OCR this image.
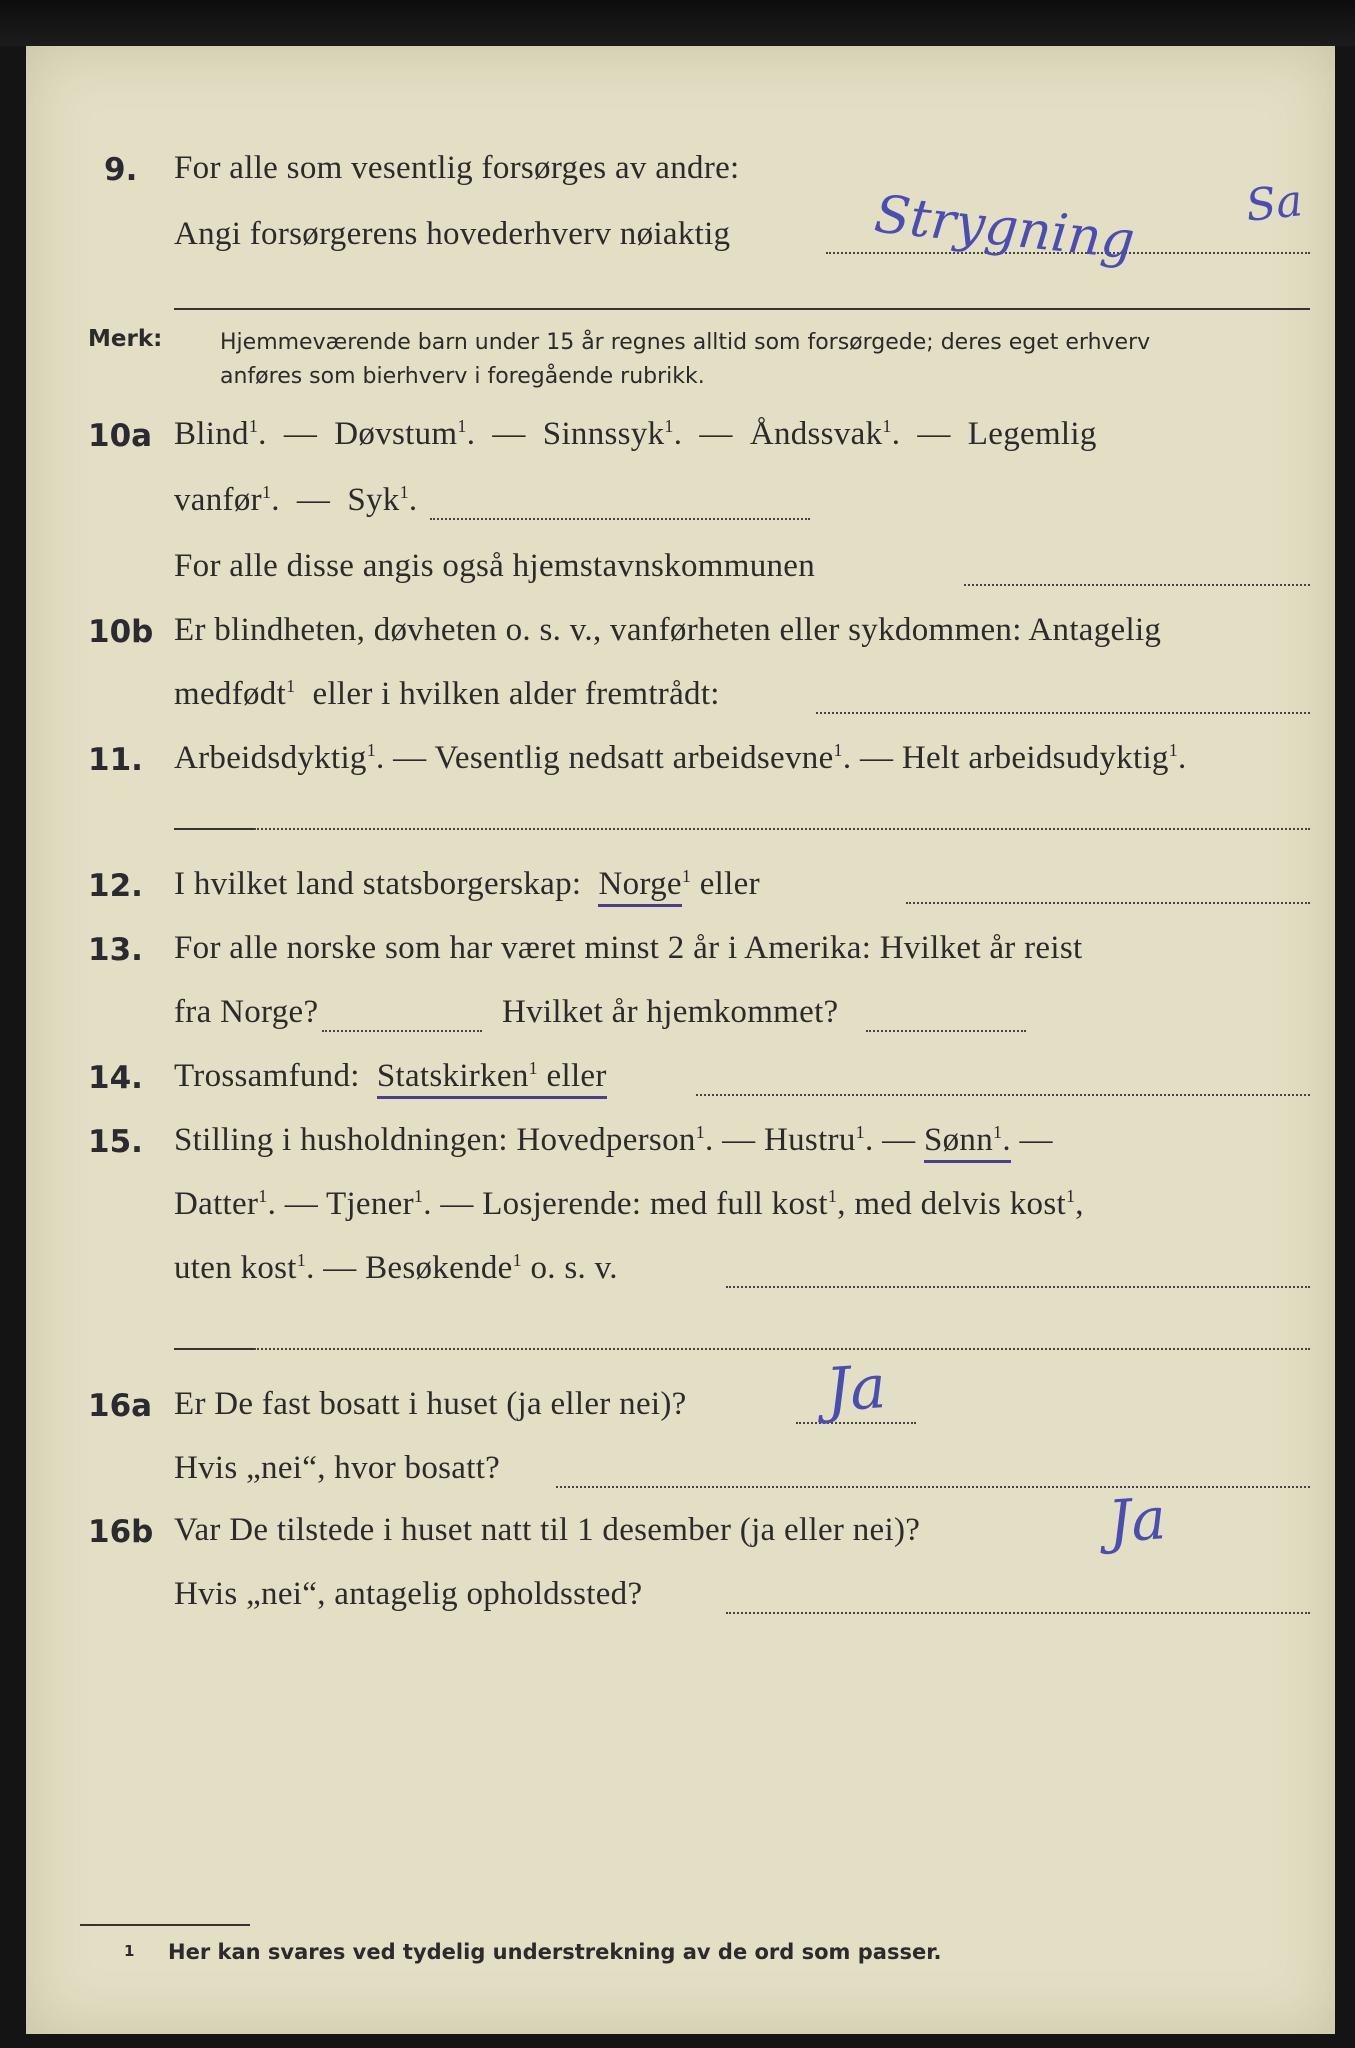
9. For alle som vesentlig forsørges av andre:
Angi forsørgerens hovederhverv nøiaktig	Strygning Sa
Merk:	Hjemmeværende barn under 15 år regnes alltid som forsørgede; deres eget erhverv
anføres som bierhverv i foregående rubrikk.
10a Blind$^1$. — Døvstum$^1$. — Sinnssyk$^1$. — Åndssvak$^1$. — Legemlig
vanfør$^1$. — Syk$^1$.
For alle disse angis også hjemstavnskommunen
10b Er blindheten, døvheten o. s. v., vanførheten eller sykdommen: Antagelig
medfødt$^1$ eller i hvilken alder fremtrådt:
11. Arbeidsdyktig$^1$. — Vesentlig nedsatt arbeidsevne$^1$. — Helt arbeidsudyktig$^1$.
12. I hvilket land statsborgerskap: Norge$^1$ eller
13. For alle norske som har været minst 2 år i Amerika: Hvilket år reist
fra Norge?	Hvilket år hjemkommet?
14. Trossamfund: Statskirken$^1$ eller
15. Stilling i husholdningen: Hovedperson$^1$. — Hustru$^1$. — Sønn$^1$. —
Datter$^1$. — Tjener$^1$. — Losjerende: med full kost$^1$, med delvis kost$^1$,
uten kost$^1$. — Besøkende$^1$ o. s. v.
16a Er De fast bosatt i huset (ja eller nei)? Ja
Hvis „nei“, hvor bosatt?
16b Var De tilstede i huset natt til 1 desember (ja eller nei)?	Ja
Hvis „nei“, antagelig opholdssted?
1 Her kan svares ved tydelig understrekning av de ord som passer.
